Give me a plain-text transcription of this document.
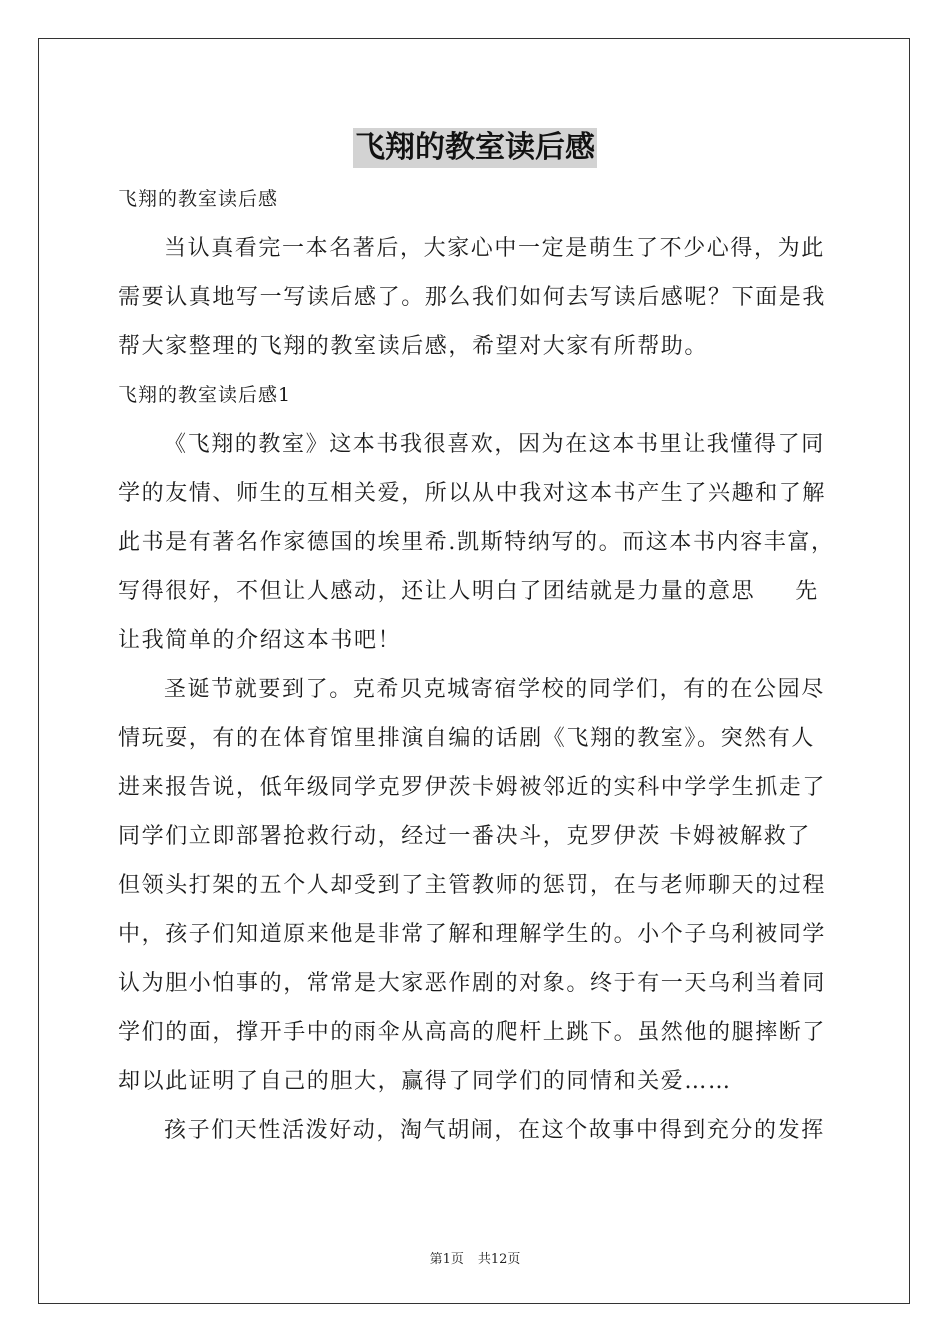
飞翔的教室读后感
飞翔的教室读后感
当认真看完一本名著后，大家心中一定是萌生了不少心得，为此
需要认真地写一写读后感了。那么我们如何去写读后感呢？下面是我
帮大家整理的飞翔的教室读后感，希望对大家有所帮助。
飞翔的教室读后感1
《飞翔的教室》这本书我很喜欢，因为在这本书里让我懂得了同
学的友情、师生的互相关爱，所以从中我对这本书产生了兴趣和了解
此书是有著名作家德国的埃里希.凯斯特纳写的。而这本书内容丰富，
写得很好，不但让人感动，还让人明白了团结就是力量的意思 先
让我简单的介绍这本书吧！
圣诞节就要到了。克希贝克城寄宿学校的同学们，有的在公园尽
情玩耍，有的在体育馆里排演自编的话剧《飞翔的教室》。突然有人
进来报告说，低年级同学克罗伊茨卡姆被邻近的实科中学学生抓走了
同学们立即部署抢救行动，经过一番决斗，克罗伊茨 卡姆被解救了
但领头打架的五个人却受到了主管教师的惩罚，在与老师聊天的过程
中，孩子们知道原来他是非常了解和理解学生的。小个子乌利被同学
认为胆小怕事的，常常是大家恶作剧的对象。终于有一天乌利当着同
学们的面，撑开手中的雨伞从高高的爬杆上跳下。虽然他的腿摔断了
却以此证明了自己的胆大，赢得了同学们的同情和关爱……
孩子们天性活泼好动，淘气胡闹，在这个故事中得到充分的发挥
第1页 共12页
